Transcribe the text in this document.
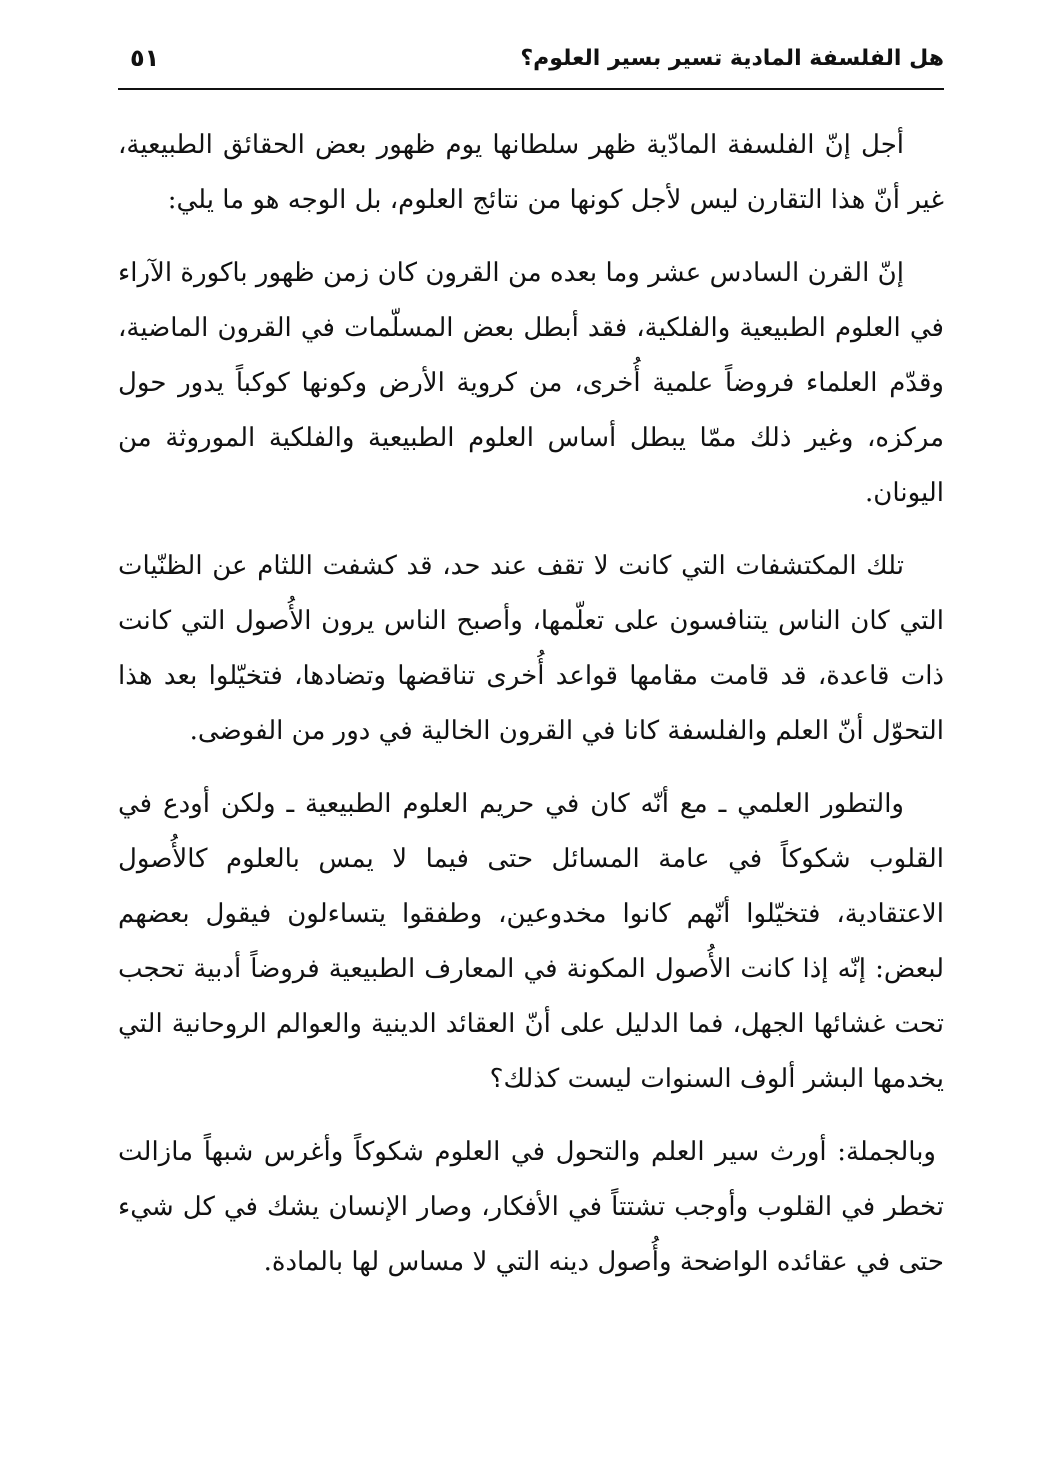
هل الفلسفة المادية تسير بسير العلوم؟
٥١

أجل إنّ الفلسفة المادّية ظهر سلطانها يوم ظهور بعض الحقائق الطبيعية، غير أنّ هذا التقارن ليس لأجل كونها من نتائج العلوم، بل الوجه هو ما يلي:

إنّ القرن السادس عشر وما بعده من القرون كان زمن ظهور باكورة الآراء في العلوم الطبيعية والفلكية، فقد أبطل بعض المسلّمات في القرون الماضية، وقدّم العلماء فروضاً علمية أُخرى، من كروية الأرض وكونها كوكباً يدور حول مركزه، وغير ذلك ممّا يبطل أساس العلوم الطبيعية والفلكية الموروثة من اليونان.

تلك المكتشفات التي كانت لا تقف عند حد، قد كشفت اللثام عن الظنّيات التي كان الناس يتنافسون على تعلّمها، وأصبح الناس يرون الأُصول التي كانت ذات قاعدة، قد قامت مقامها قواعد أُخرى تناقضها وتضادها، فتخيّلوا بعد هذا التحوّل أنّ العلم والفلسفة كانا في القرون الخالية في دور من الفوضى.

والتطور العلمي ـ مع أنّه كان في حريم العلوم الطبيعية ـ ولكن أودع في القلوب شكوكاً في عامة المسائل حتى فيما لا يمس بالعلوم كالأُصول الاعتقادية، فتخيّلوا أنّهم كانوا مخدوعين، وطفقوا يتساءلون فيقول بعضهم لبعض: إنّه إذا كانت الأُصول المكونة في المعارف الطبيعية فروضاً أدبية تحجب تحت غشائها الجهل، فما الدليل على أنّ العقائد الدينية والعوالم الروحانية التي يخدمها البشر ألوف السنوات ليست كذلك؟

وبالجملة: أورث سير العلم والتحول في العلوم شكوكاً وأغرس شبهاً مازالت تخطر في القلوب وأوجب تشتتاً في الأفكار، وصار الإنسان يشك في كل شيء حتى في عقائده الواضحة وأُصول دينه التي لا مساس لها بالمادة.
